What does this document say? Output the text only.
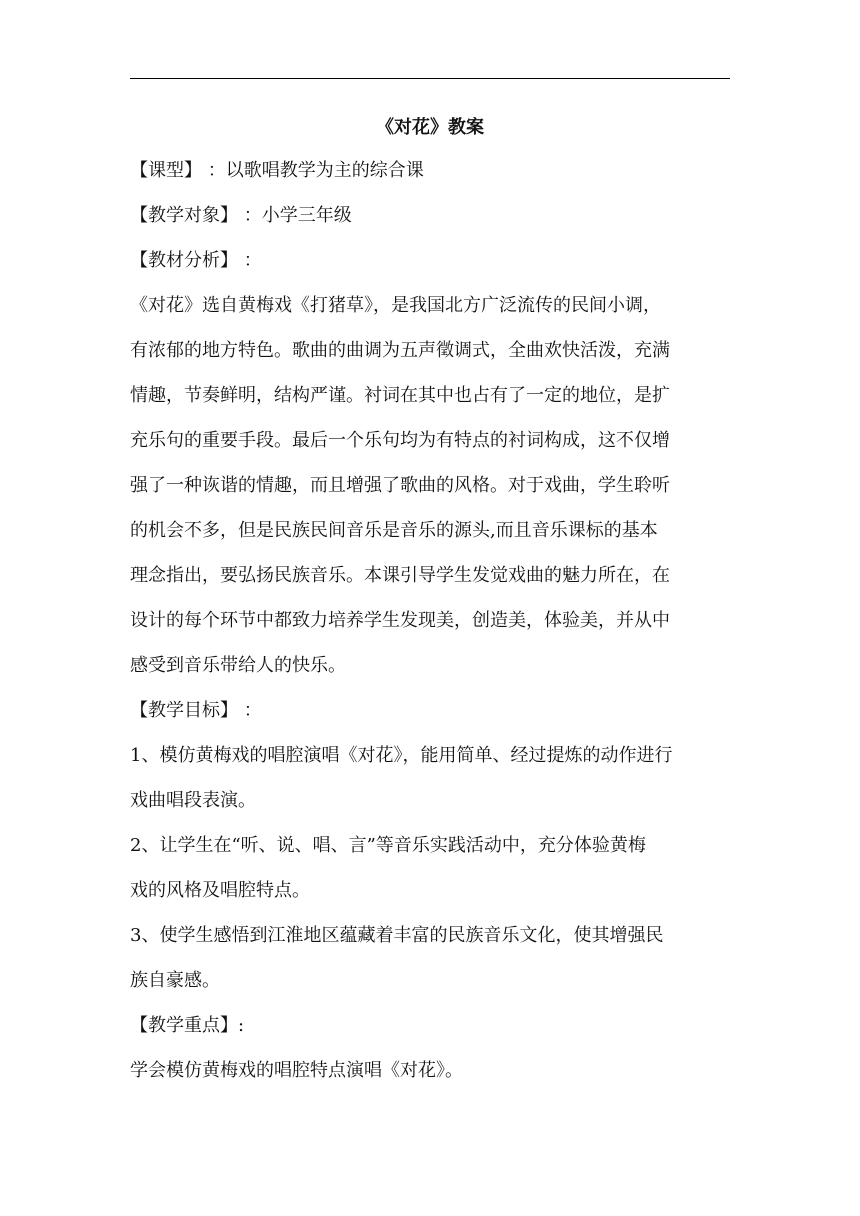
《对花》教案

【课型】 ：以歌唱教学为主的综合课

【教学对象】 ：小学三年级

【教材分析】 ：

《对花》选自黄梅戏《打猪草》，是我国北方广泛流传的民间小调，

有浓郁的地方特色。歌曲的曲调为五声徵调式，全曲欢快活泼，充满

情趣，节奏鲜明，结构严谨。衬词在其中也占有了一定的地位，是扩

充乐句的重要手段。最后一个乐句均为有特点的衬词构成，这不仅增

强了一种诙谐的情趣，而且增强了歌曲的风格。对于戏曲，学生聆听

的机会不多，但是民族民间音乐是音乐的源头,而且音乐课标的基本

理念指出，要弘扬民族音乐。本课引导学生发觉戏曲的魅力所在，在

设计的每个环节中都致力培养学生发现美，创造美，体验美，并从中

感受到音乐带给人的快乐。

【教学目标】 ：

1、模仿黄梅戏的唱腔演唱《对花》，能用简单、经过提炼的动作进行

戏曲唱段表演。

2、让学生在“听、说、唱、言”等音乐实践活动中，充分体验黄梅

戏的风格及唱腔特点。

3、使学生感悟到江淮地区蕴藏着丰富的民族音乐文化，使其增强民

族自豪感。

【教学重点】:

学会模仿黄梅戏的唱腔特点演唱《对花》。
